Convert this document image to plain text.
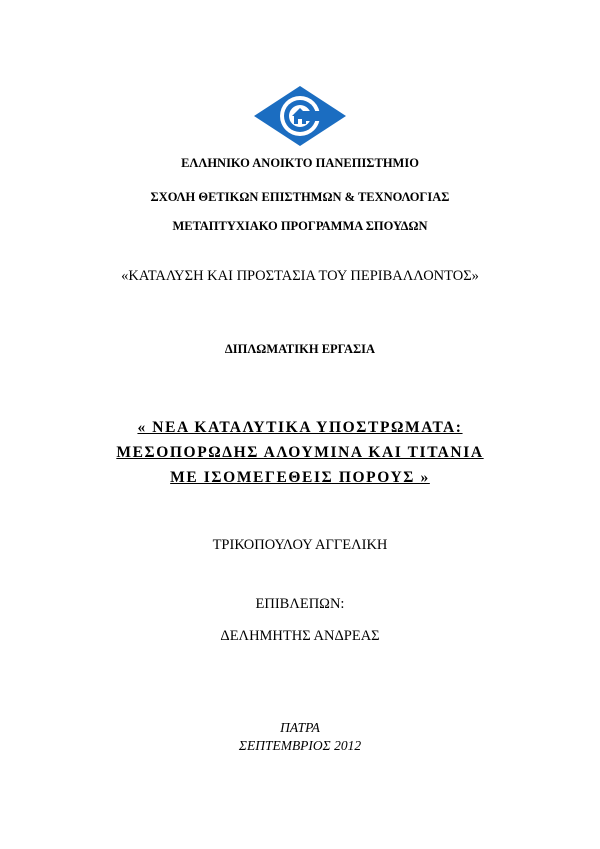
ΕΛΛΗΝΙΚΟ ΑΝΟΙΚΤΟ ΠΑΝΕΠΙΣΤΗΜΙΟ
ΣΧΟΛΗ ΘΕΤΙΚΩΝ ΕΠΙΣΤΗΜΩΝ & ΤΕΧΝΟΛΟΓΙΑΣ
ΜΕΤΑΠΤΥΧΙΑΚΟ ΠΡΟΓΡΑΜΜΑ ΣΠΟΥΔΩΝ
«ΚΑΤΑΛΥΣΗ ΚΑΙ ΠΡΟΣΤΑΣΙΑ ΤΟΥ ΠΕΡΙΒΑΛΛΟΝΤΟΣ»
ΔΙΠΛΩΜΑΤΙΚΗ ΕΡΓΑΣΙΑ
« ΝΕΑ ΚΑΤΑΛΥΤΙΚΑ ΥΠΟΣΤΡΩΜΑΤΑ:
ΜΕΣΟΠΟΡΩΔΗΣ ΑΛΟΥΜΙΝΑ ΚΑΙ ΤΙΤΑΝΙΑ
ΜΕ ΙΣΟΜΕΓΕΘΕΙΣ ΠΟΡΟΥΣ »
ΤΡΙΚΟΠΟΥΛΟΥ ΑΓΓΕΛΙΚΗ
ΕΠΙΒΛΕΠΩΝ:
ΔΕΛΗΜΗΤΗΣ ΑΝΔΡΕΑΣ
ΠΑΤΡΑ
ΣΕΠΤΕΜΒΡΙΟΣ 2012
